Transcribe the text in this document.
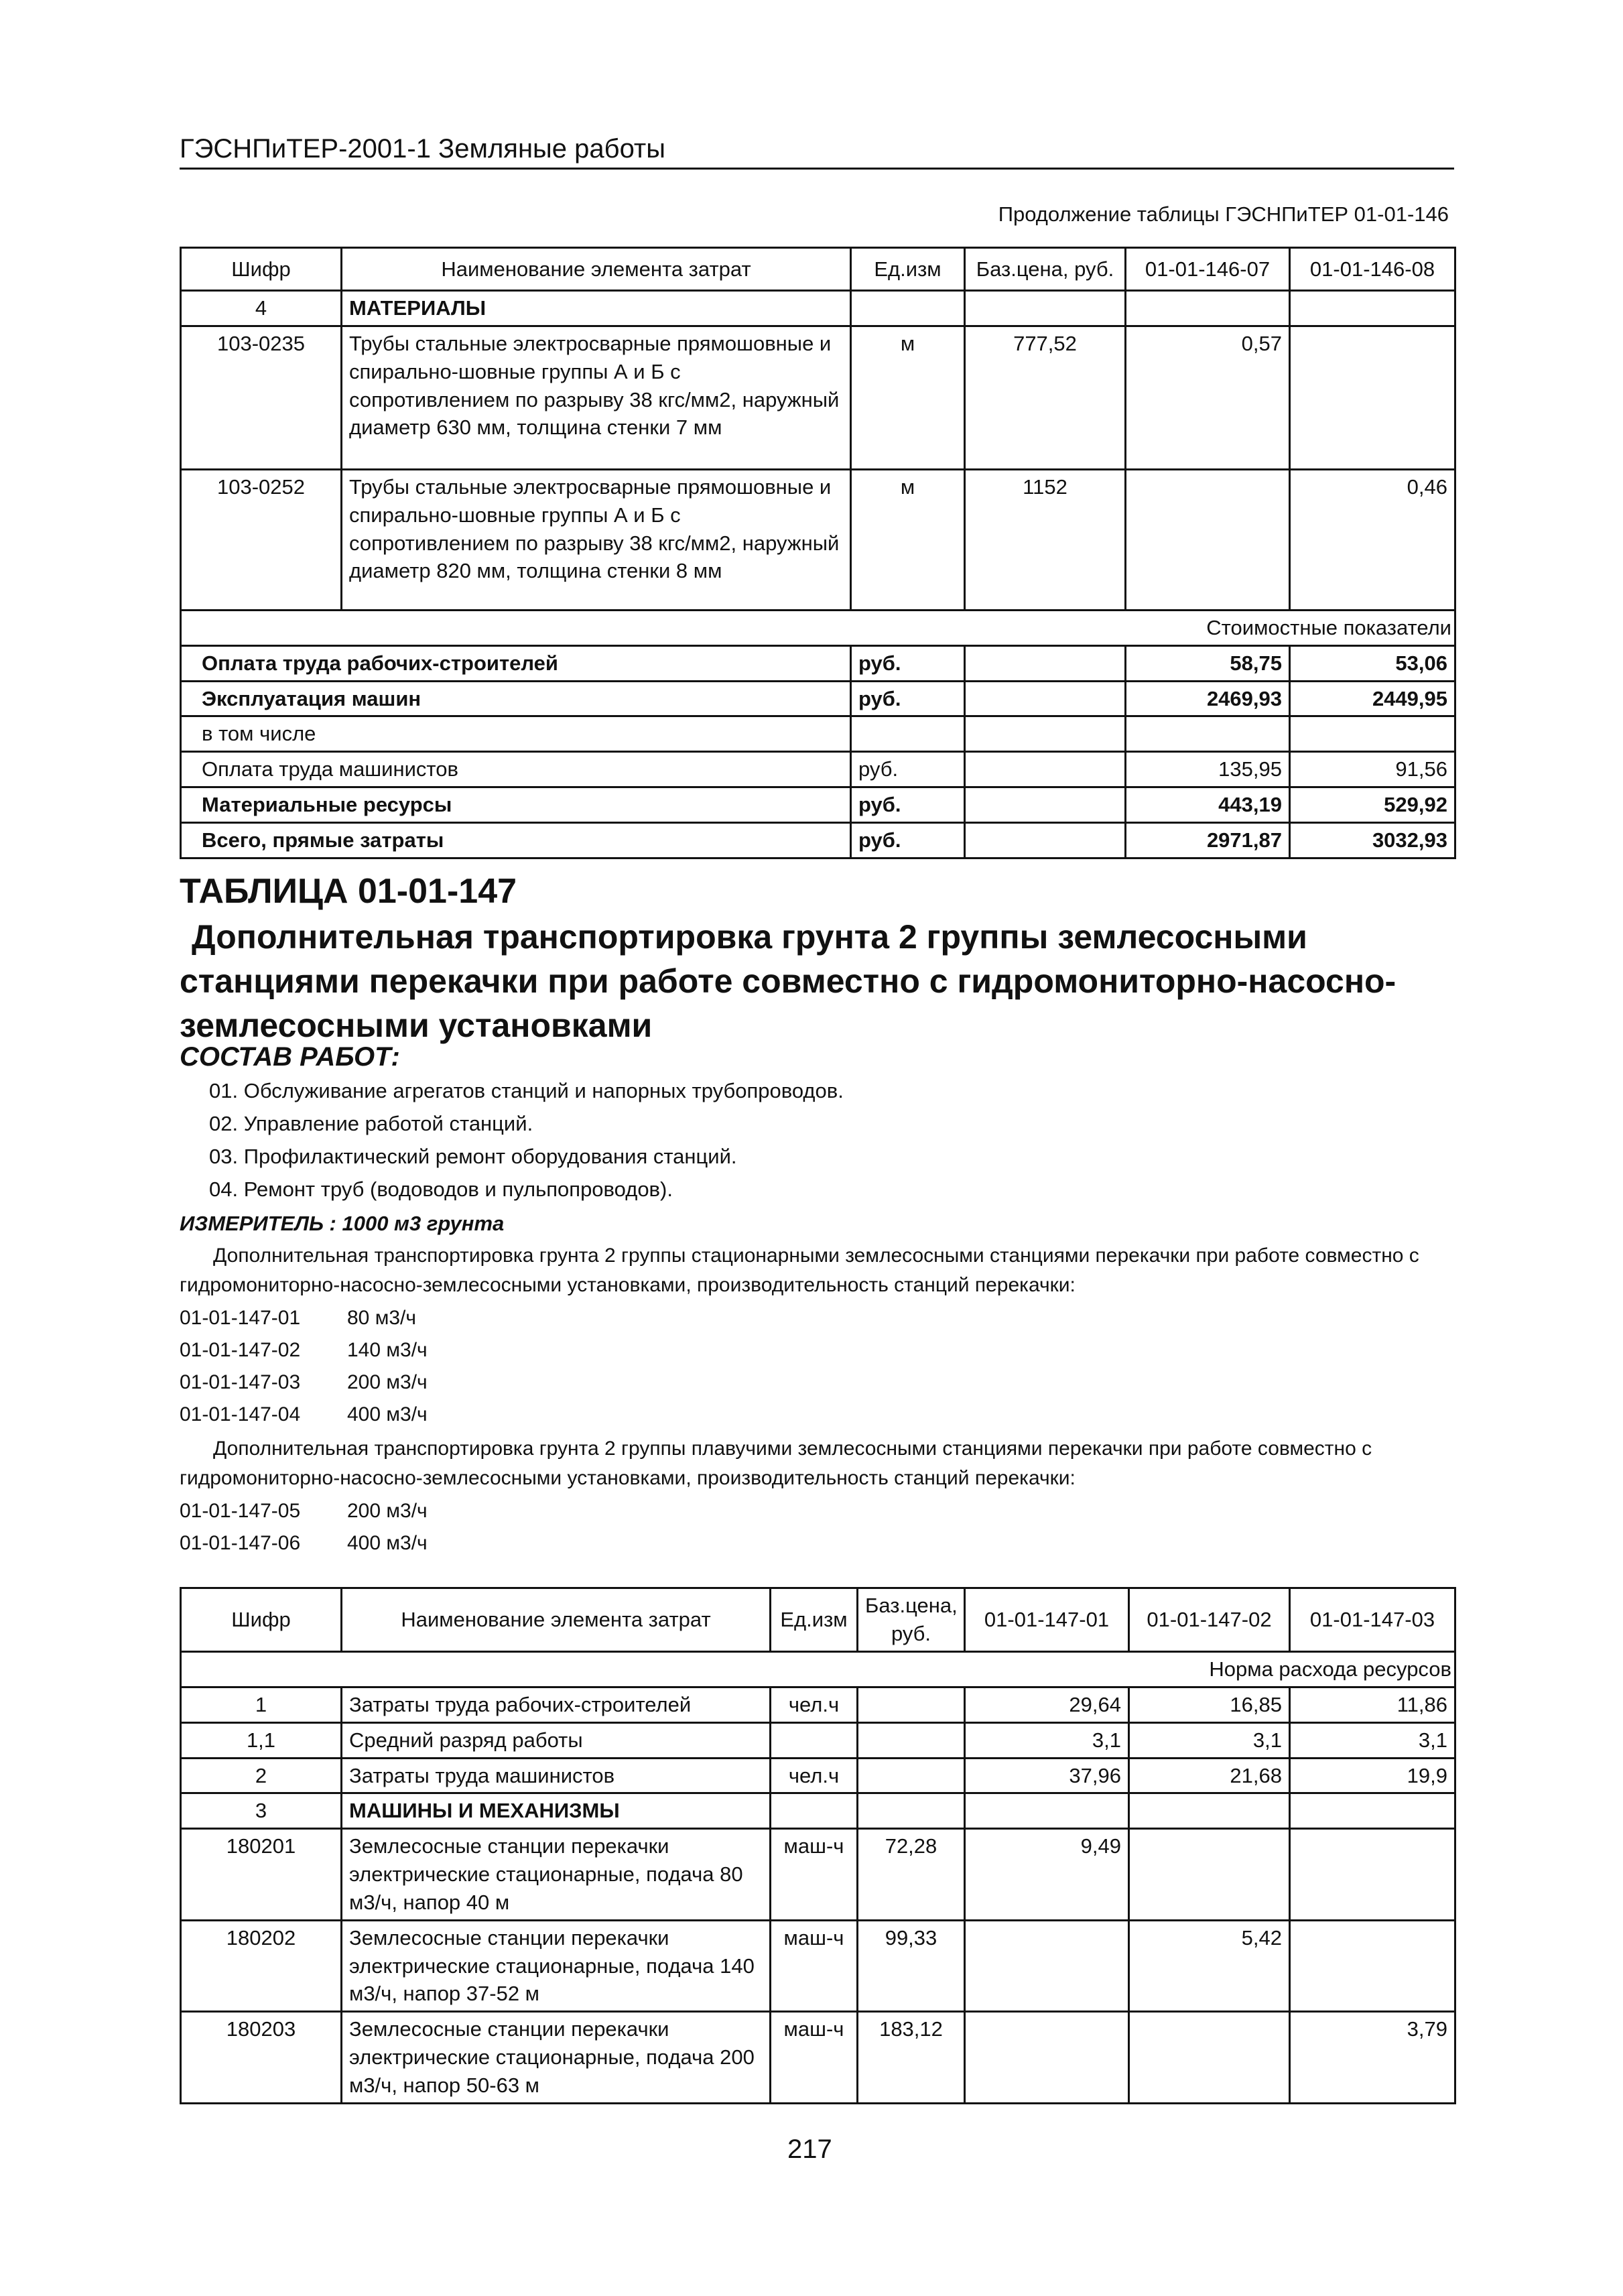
ГЭСНПиТЕР-2001-1 Земляные работы
Продолжение таблицы ГЭСНПиТЕР 01-01-146
Шифр	Наименование элемента затрат	Ед.изм	Баз.цена, руб.	01-01-146-07	01-01-146-08
4	МАТЕРИАЛЫ				
103-0235	Трубы стальные электросварные прямошовные и спирально-шовные группы А и Б с сопротивлением по разрыву 38 кгс/мм2, наружный диаметр 630 мм, толщина стенки 7 мм	м	777,52	0,57	
103-0252	Трубы стальные электросварные прямошовные и спирально-шовные группы А и Б с сопротивлением по разрыву 38 кгс/мм2, наружный диаметр 820 мм, толщина стенки 8 мм	м	1152		0,46
Стоимостные показатели					
Оплата труда рабочих-строителей		руб.		58,75	53,06
Эксплуатация машин		руб.		2469,93	2449,95
в том числе					
Оплата труда машинистов		руб.		135,95	91,56
Материальные ресурсы		руб.		443,19	529,92
Всего, прямые затраты		руб.		2971,87	3032,93
ТАБЛИЦА 01-01-147
Дополнительная транспортировка грунта 2 группы землесосными станциями перекачки при работе совместно с гидромониторно-насосно-землесосными установками
СОСТАВ РАБОТ:
01. Обслуживание агрегатов станций и напорных трубопроводов.
02. Управление работой станций.
03. Профилактический ремонт оборудования станций.
04. Ремонт труб (водоводов и пульпопроводов).
ИЗМЕРИТЕЛЬ : 1000 м3 грунта
Дополнительная транспортировка грунта 2 группы стационарными землесосными станциями перекачки при работе совместно с гидромониторно-насосно-землесосными установками, производительность станций перекачки:
01-01-147-01 80 м3/ч
01-01-147-02 140 м3/ч
01-01-147-03 200 м3/ч
01-01-147-04 400 м3/ч
Дополнительная транспортировка грунта 2 группы плавучими землесосными станциями перекачки при работе совместно с гидромониторно-насосно-землесосными установками, производительность станций перекачки:
01-01-147-05 200 м3/ч
01-01-147-06 400 м3/ч
Шифр	Наименование элемента затрат	Ед.изм	Баз.цена, руб.	01-01-147-01	01-01-147-02	01-01-147-03
Норма расхода ресурсов						
1	Затраты труда рабочих-строителей	чел.ч		29,64	16,85	11,86
1,1	Средний разряд работы			3,1	3,1	3,1
2	Затраты труда машинистов	чел.ч		37,96	21,68	19,9
3	МАШИНЫ И МЕХАНИЗМЫ					
180201	Землесосные станции перекачки электрические стационарные, подача 80 м3/ч, напор 40 м	маш-ч	72,28	9,49		
180202	Землесосные станции перекачки электрические стационарные, подача 140 м3/ч, напор 37-52 м	маш-ч	99,33		5,42	
180203	Землесосные станции перекачки электрические стационарные, подача 200 м3/ч, напор 50-63 м	маш-ч	183,12			3,79
217
